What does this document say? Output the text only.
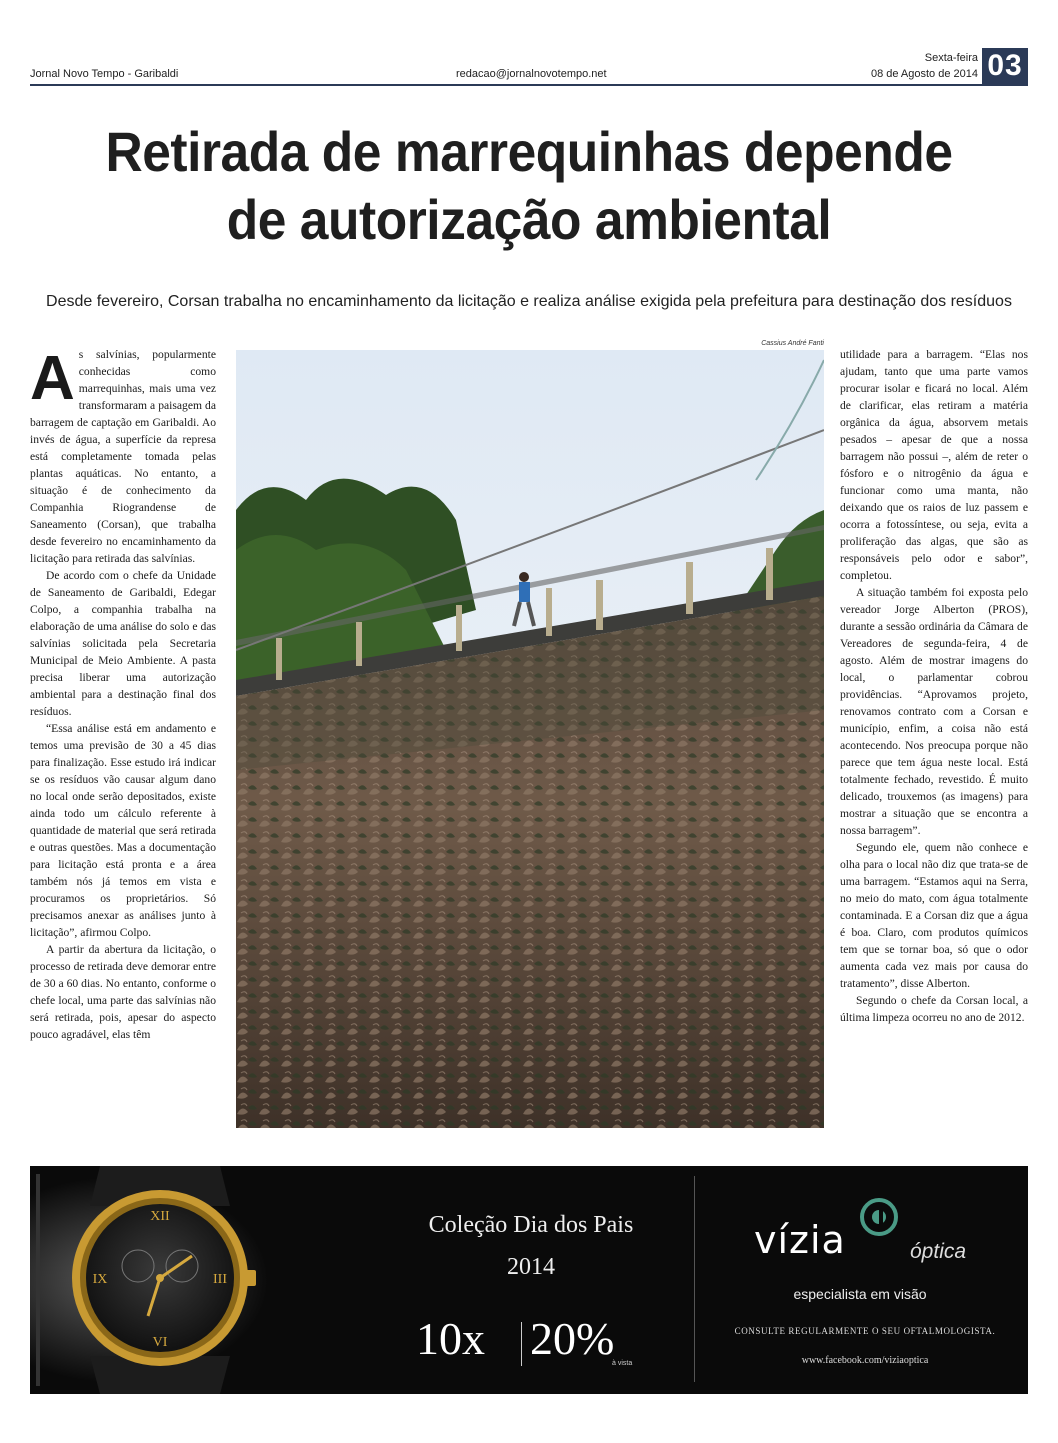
Jornal Novo Tempo - Garibaldi	redacao@jornalnovotempo.net
Sexta-feira
08 de Agosto de 2014 03
Retirada de marrequinhas depende
de autorização ambiental
Desde fevereiro, Corsan trabalha no encaminhamento da licitação e realiza análise exigida pela prefeitura para destinação dos resíduos
A s salvínias, popularmente conhecidas como marrequinhas, mais uma vez transformaram a paisagem da barragem de captação em Garibaldi. Ao invés de água, a superfície da represa está completamente tomada pelas plantas aquáticas. No entanto, a situação é de conhecimento da Companhia Riograndense de Saneamento (Corsan), que trabalha desde fevereiro no encaminhamento da licitação para retirada das salvínias.

De acordo com o chefe da Unidade de Saneamento de Garibaldi, Edegar Colpo, a companhia trabalha na elaboração de uma análise do solo e das salvínias solicitada pela Secretaria Municipal de Meio Ambiente. A pasta precisa liberar uma autorização ambiental para a destinação final dos resíduos.

“Essa análise está em andamento e temos uma previsão de 30 a 45 dias para finalização. Esse estudo irá indicar se os resíduos vão causar algum dano no local onde serão depositados, existe ainda todo um cálculo referente à quantidade de material que será retirada e outras questões. Mas a documentação para licitação está pronta e a área também nós já temos em vista e procuramos os proprietários. Só precisamos anexar as análises junto à licitação”, afirmou Colpo.

A partir da abertura da licitação, o processo de retirada deve demorar entre de 30 a 60 dias. No entanto, conforme o chefe local, uma parte das salvínias não será retirada, pois, apesar do aspecto pouco agradável, elas têm

Cassius André Fanti

utilidade para a barragem. “Elas nos ajudam, tanto que uma parte vamos procurar isolar e ficará no local. Além de clarificar, elas retiram a matéria orgânica da água, absorvem metais pesados – apesar de que a nossa barragem não possui –, além de reter o fósforo e o nitrogênio da água e funcionar como uma manta, não deixando que os raios de luz passem e ocorra a fotossíntese, ou seja, evita a proliferação das algas, que são as responsáveis pelo odor e sabor”, completou.

A situação também foi exposta pelo vereador Jorge Alberton (PROS), durante a sessão ordinária da Câmara de Vereadores de segunda-feira, 4 de agosto. Além de mostrar imagens do local, o parlamentar cobrou providências. “Aprovamos projeto, renovamos contrato com a Corsan e município, enfim, a coisa não está acontecendo. Nos preocupa porque não parece que tem água neste local. Está totalmente fechado, revestido. É muito delicado, trouxemos (as imagens) para mostrar a situação que se encontra a nossa barragem”.

Segundo ele, quem não conhece e olha para o local não diz que trata-se de uma barragem. “Estamos aqui na Serra, no meio do mato, com água totalmente contaminada. E a Corsan diz que a água é boa. Claro, com produtos químicos tem que se tornar boa, só que o odor aumenta cada vez mais por causa do tratamento”, disse Alberton.

Segundo o chefe da Corsan local, a última limpeza ocorreu no ano de 2012.

XII
III
VI
IX
Coleção Dia dos Pais
2014
10x 20%
à vista
vízia	óptica
especialista em visão
CONSULTE REGULARMENTE O SEU OFTALMOLOGISTA.
www.facebook.com/viziaoptica
